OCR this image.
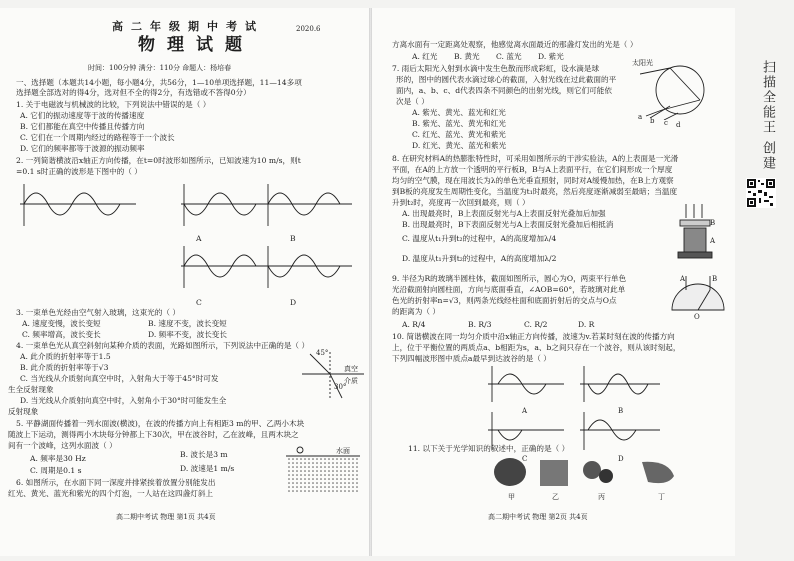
高二年级期中考试	2020.6
物理试题
时间：100分钟 满分：110分 命题人：杨培春
一、选择题（本题共14小题，每小题4分，共56分，1—10单项选择题，11—14多项
选择题全部选对的得4分，选对但不全的得2分，有选错或不答得0分）
1. 关于电磁波与机械波的比较，下列说法中错误的是（ ）
A. 它们的振动速度等于波的传播速度
B. 它们都能在真空中传播且传播方向
C. 它们在一个周期内经过的路程等于一个波长
D. 它们的频率都等于波源的振动频率
2. 一列简谐横波沿x轴正方向传播，在t=0时波形如图所示，已知波速为10 m/s，则t
=0.1 s时正确的波形是下图中的（ ）
A	B
C	D
3. 一束单色光经由空气射入玻璃，这束光的（ ）
A. 速度变慢，波长变短	B. 速度不变，波长变短
C. 频率增高，波长变长	D. 频率不变，波长变长
4. 一束单色光从真空斜射向某种介质的表面，光路如图所示，下列说法中正确的是（ ）
A. 此介质的折射率等于1.5
B. 此介质的折射率等于√3
C. 当光线从介质射向真空中时，入射角大于等于45°时可发
生全反射现象
D. 当光线从介质射向真空中时，入射角小于30°时可能发生全
反射现象
45°
30°
真空
介质
5. 平静湖面传播着一列水面波(横波)，在波的传播方向上有相距3 m的甲、乙两小木块
随波上下运动，测得两小木块每分钟都上下30次，甲在波谷时，乙在波峰，且两木块之
间有一个波峰，这列水面波（ ）
A. 频率是30 Hz	B. 波长是3 m
C. 周期是0.1 s	D. 波速是1 m/s
水面
6. 如图所示，在水面下同一深度并排紧挨着放置分别能发出
红光、黄光、蓝光和紫光的四个灯泡，一人站在这四盏灯斜上
高二期中考试 物理 第1页 共4页
方离水面有一定距离处观察，他感觉离水面最近的那盏灯发出的光是（ ）
A. 红光 B. 黄光 C. 蓝光 D. 紫光
7. 雨后太阳光入射到水滴中发生色散而形成彩虹，设水滴是球
形的，图中的圆代表水滴过球心的截面，入射光线在过此截面的平
面内，a、b、c、d代表四条不同颜色的出射光线，则它们可能依
次是（ ）
A. 紫光、黄光、蓝光和红光
B. 紫光、蓝光、黄光和红光
C. 红光、蓝光、黄光和紫光
D. 红光、黄光、蓝光和紫光
太阳光
a b c d
8. 在研究材料A的热膨胀特性时，可采用如图所示的干涉实验法，A的上表面是一光滑
平面，在A的上方放一个透明的平行板B，B与A上表面平行，在它们间形成一个厚度
均匀的空气膜，现在用波长为λ的单色光垂直照射，同时对A缓慢加热，在B上方观察
到B板的亮度发生周期性变化，当温度为t₁时最亮，然后亮度逐渐减弱至最暗；当温度
升到t₂时，亮度再一次回到最亮，则（ ）
A. 出现最亮时，B上表面反射光与A上表面反射光叠加后加强
B. 出现最亮时，B下表面反射光与A上表面反射光叠加后相抵消
C. 温度从t₁升到t₂的过程中，A的高度增加λ/4
D. 温度从t₁升到t₂的过程中，A的高度增加λ/2
B
A
9. 半径为R的玻璃半圆柱体，截面如图所示，圆心为O，两束平行单色
光沿截面射向圆柱面，方向与底面垂直，∠AOB=60°，若玻璃对此单
色光的折射率n=√3，则两条光线经柱面和底面折射后的交点与O点
的距离为（ ）
A. R/4	B. R/3	C. R/2	D. R
A	B
O
10. 简谐横波在同一均匀介质中沿x轴正方向传播，波速为v.若某时刻在波的传播方向
上，位于平衡位置的两质点a、b相距为s，a、b之间只存在一个波谷，则从该时刻起，
下列四幅波形图中质点a最早到达波谷的是（ ）
A	B
C	D
11. 以下关于光学知识的叙述中，正确的是（ ）
甲	乙	丙	丁
高二期中考试 物理 第2页 共4页
扫描全能王 创建
